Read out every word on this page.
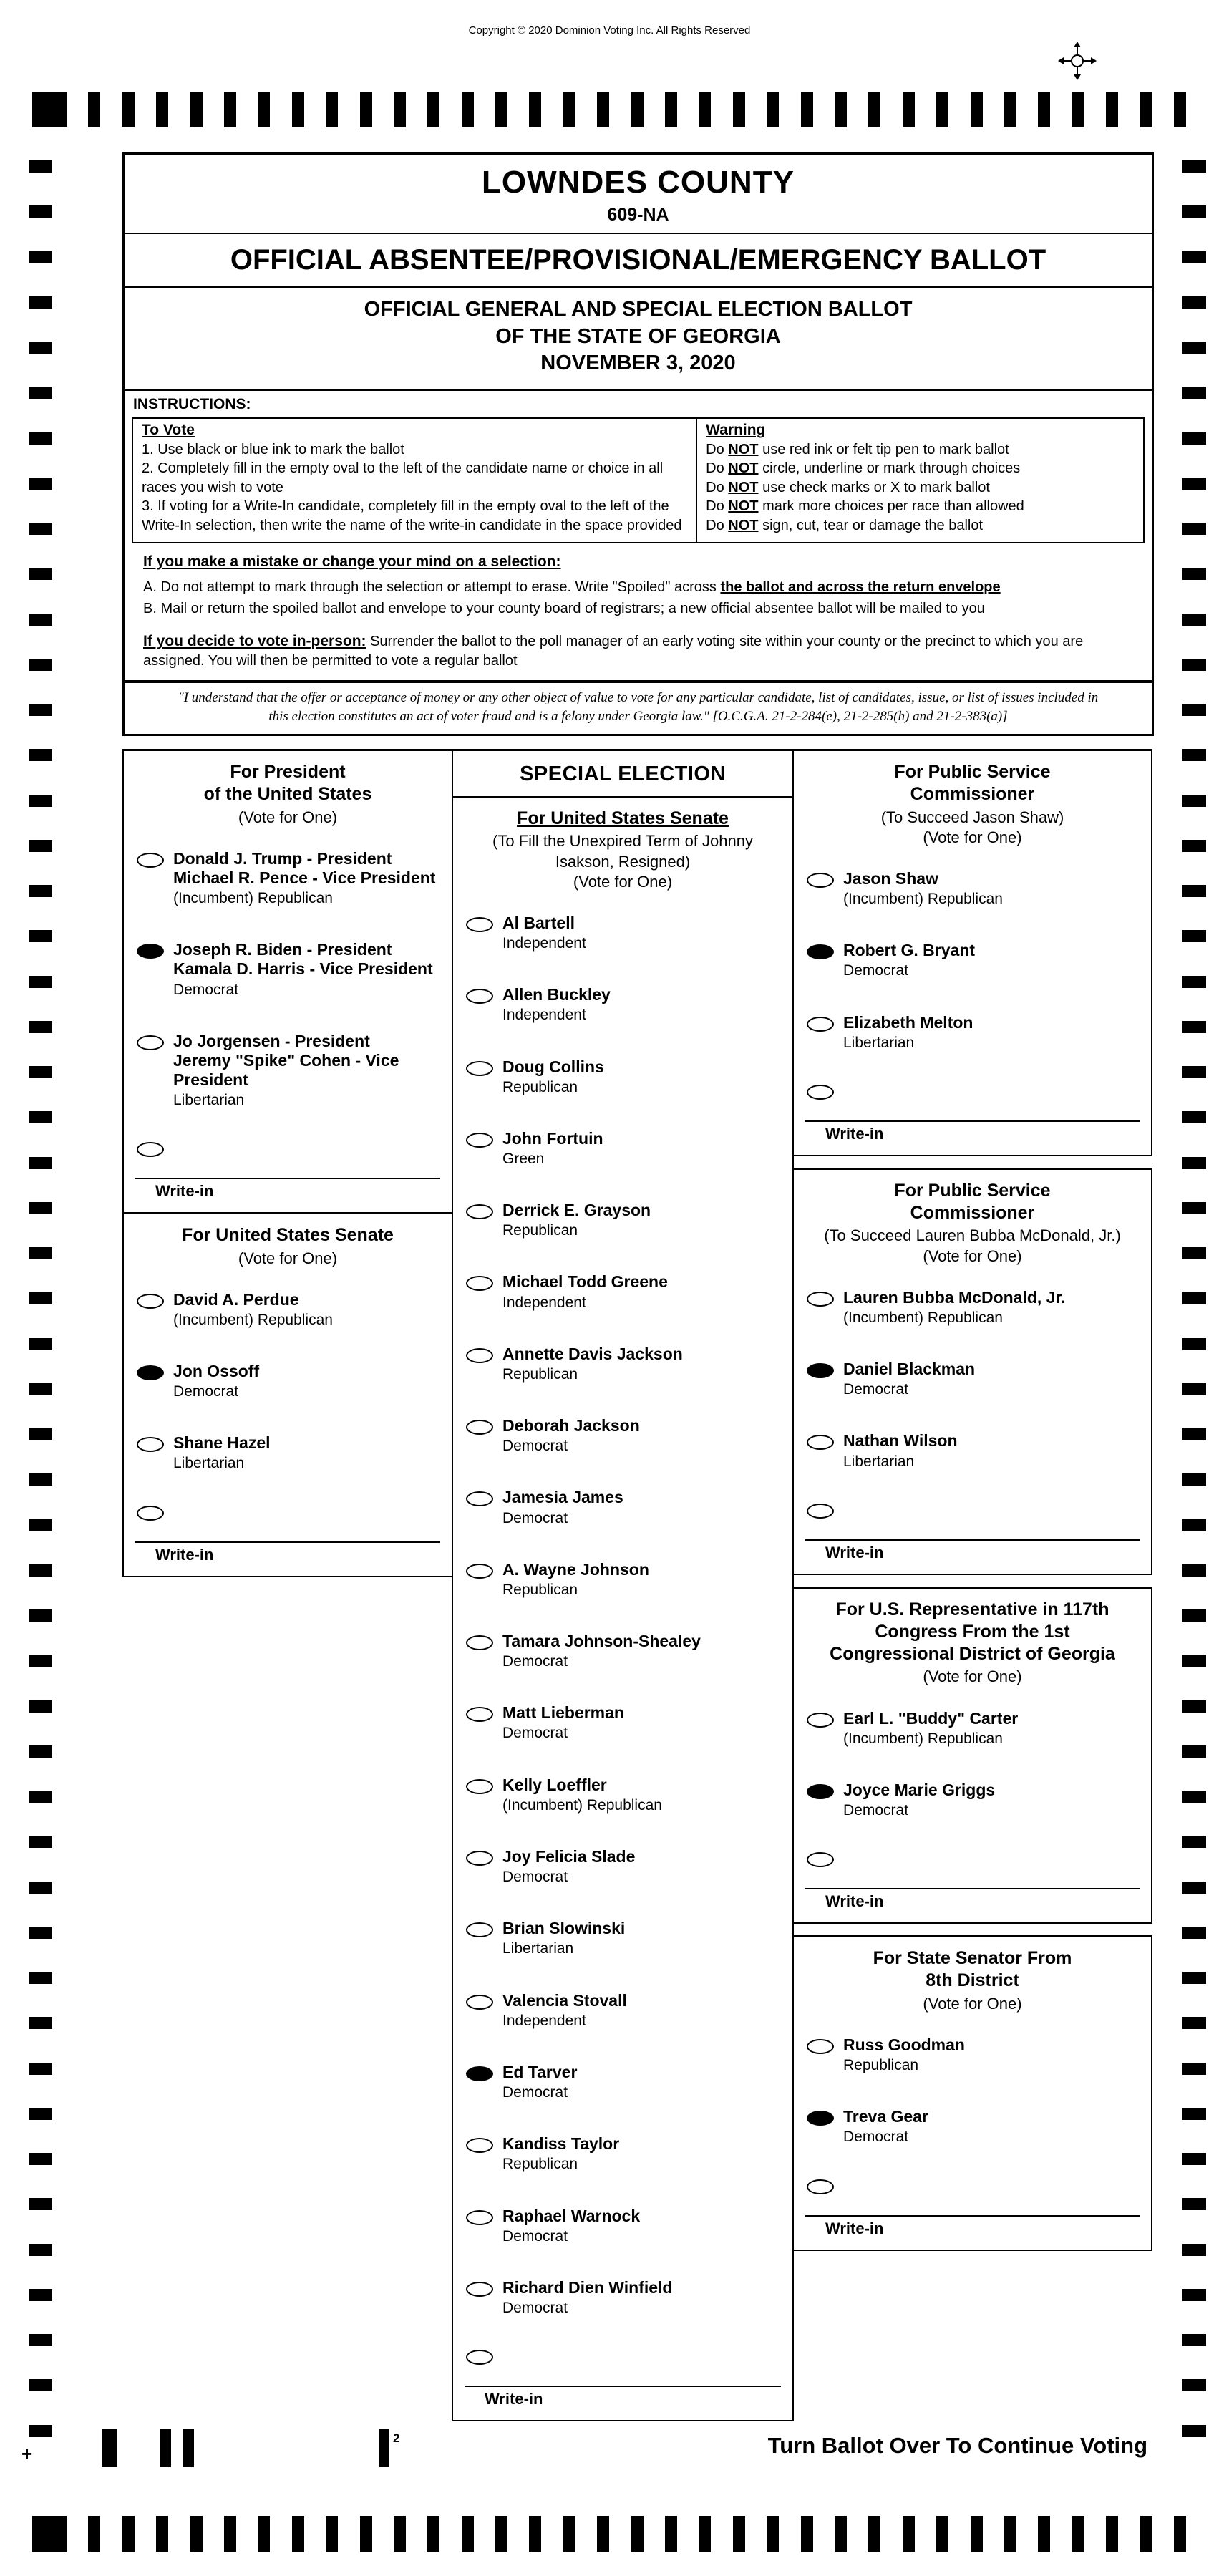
Copyright © 2020 Dominion Voting Inc. All Rights Reserved
LOWNDES COUNTY
609-NA
OFFICIAL ABSENTEE/PROVISIONAL/EMERGENCY BALLOT
OFFICIAL GENERAL AND SPECIAL ELECTION BALLOT
OF THE STATE OF GEORGIA
NOVEMBER 3, 2020
INSTRUCTIONS:
To Vote
1. Use black or blue ink to mark the ballot
2. Completely fill in the empty oval to the left of the candidate name or choice in all races you wish to vote
3. If voting for a Write-In candidate, completely fill in the empty oval to the left of the Write-In selection, then write the name of the write-in candidate in the space provided
Warning
Do NOT use red ink or felt tip pen to mark ballot
Do NOT circle, underline or mark through choices
Do NOT use check marks or X to mark ballot
Do NOT mark more choices per race than allowed
Do NOT sign, cut, tear or damage the ballot
If you make a mistake or change your mind on a selection:
A. Do not attempt to mark through the selection or attempt to erase. Write "Spoiled" across the ballot and across the return envelope
B. Mail or return the spoiled ballot and envelope to your county board of registrars; a new official absentee ballot will be mailed to you
If you decide to vote in-person: Surrender the ballot to the poll manager of an early voting site within your county or the precinct to which you are assigned. You will then be permitted to vote a regular ballot
"I understand that the offer or acceptance of money or any other object of value to vote for any particular candidate, list of candidates, issue, or list of issues included in this election constitutes an act of voter fraud and is a felony under Georgia law." [O.C.G.A. 21-2-284(e), 21-2-285(h) and 21-2-383(a)]
For President
of the United States
(Vote for One)
Donald J. Trump - President
Michael R. Pence - Vice President
(Incumbent) Republican
Joseph R. Biden - President
Kamala D. Harris - Vice President
Democrat
Jo Jorgensen - President
Jeremy "Spike" Cohen - Vice President
Libertarian
Write-in
For United States Senate
(Vote for One)
David A. Perdue
(Incumbent) Republican
Jon Ossoff
Democrat
Shane Hazel
Libertarian
Write-in
SPECIAL ELECTION
For United States Senate
(To Fill the Unexpired Term of Johnny
Isakson, Resigned)
(Vote for One)
Al Bartell
Independent
Allen Buckley
Independent
Doug Collins
Republican
John Fortuin
Green
Derrick E. Grayson
Republican
Michael Todd Greene
Independent
Annette Davis Jackson
Republican
Deborah Jackson
Democrat
Jamesia James
Democrat
A. Wayne Johnson
Republican
Tamara Johnson-Shealey
Democrat
Matt Lieberman
Democrat
Kelly Loeffler
(Incumbent) Republican
Joy Felicia Slade
Democrat
Brian Slowinski
Libertarian
Valencia Stovall
Independent
Ed Tarver
Democrat
Kandiss Taylor
Republican
Raphael Warnock
Democrat
Richard Dien Winfield
Democrat
Write-in
For Public Service
Commissioner
(To Succeed Jason Shaw)
(Vote for One)
Jason Shaw
(Incumbent) Republican
Robert G. Bryant
Democrat
Elizabeth Melton
Libertarian
Write-in
For Public Service
Commissioner
(To Succeed Lauren Bubba McDonald, Jr.)
(Vote for One)
Lauren Bubba McDonald, Jr.
(Incumbent) Republican
Daniel Blackman
Democrat
Nathan Wilson
Libertarian
Write-in
For U.S. Representative in 117th
Congress From the 1st
Congressional District of Georgia
(Vote for One)
Earl L. "Buddy" Carter
(Incumbent) Republican
Joyce Marie Griggs
Democrat
Write-in
For State Senator From
8th District
(Vote for One)
Russ Goodman
Republican
Treva Gear
Democrat
Write-in
+
2	Turn Ballot Over To Continue Voting
